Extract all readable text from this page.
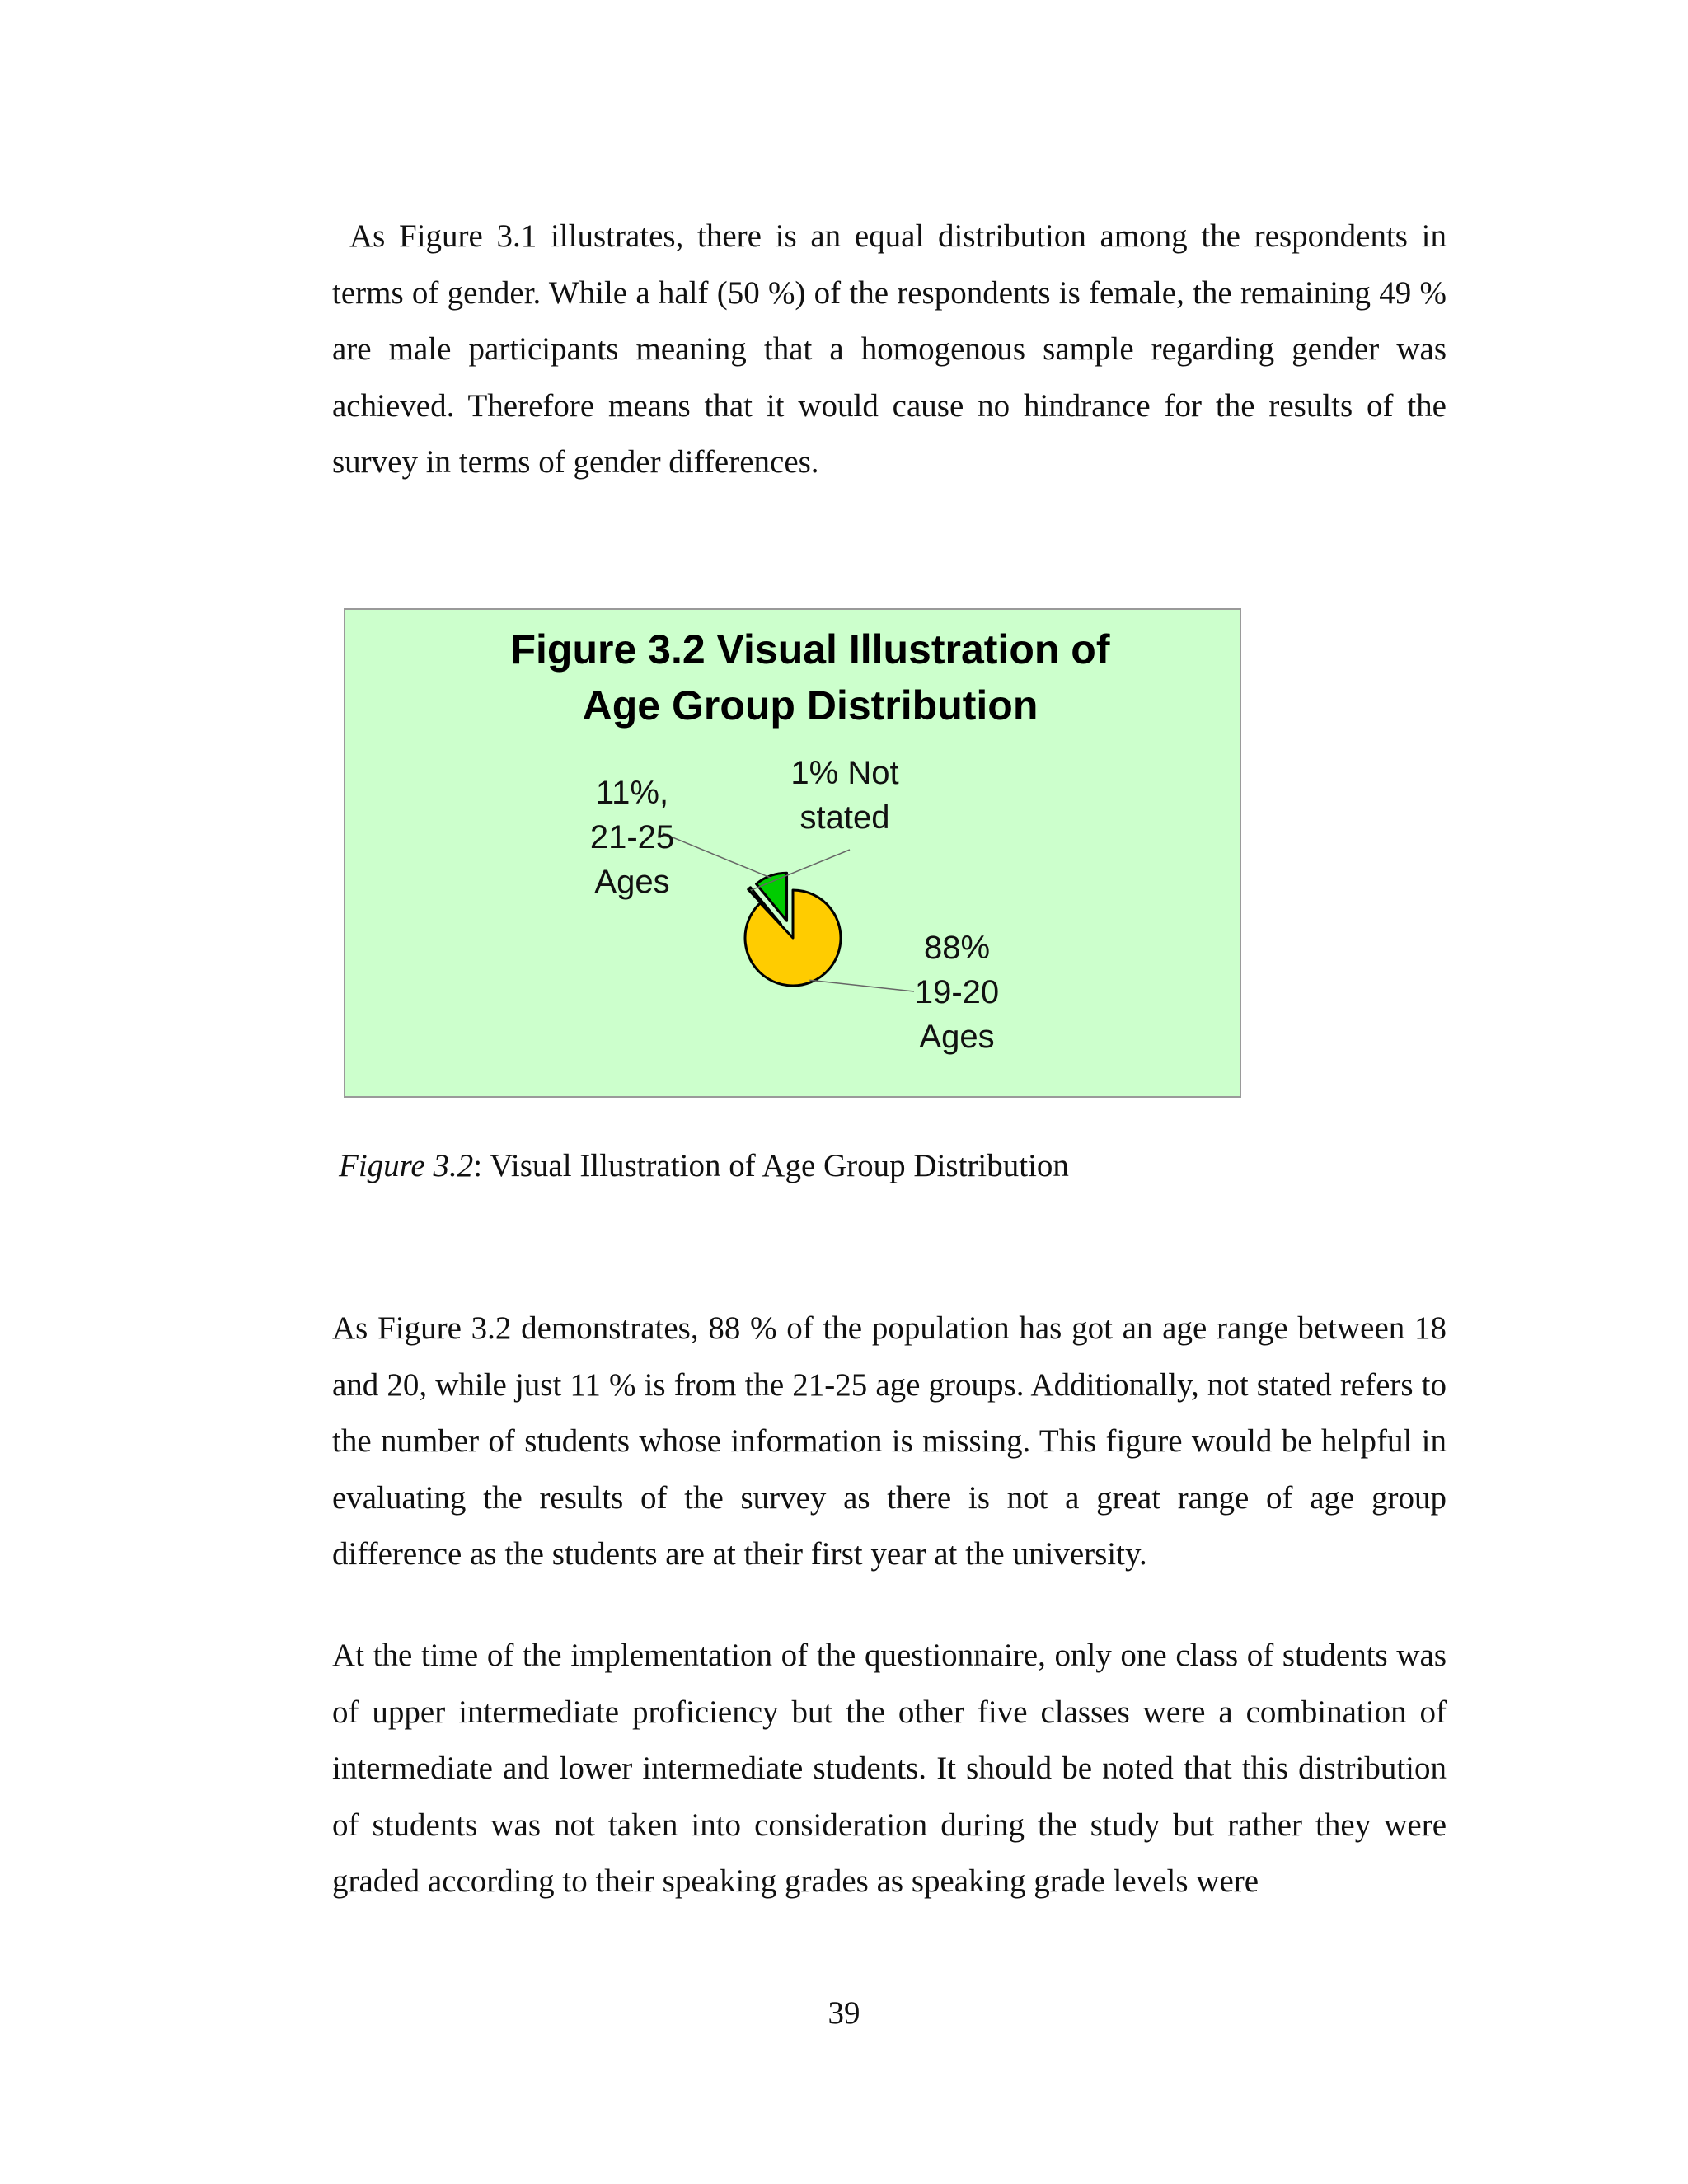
As Figure 3.1 illustrates, there is an equal distribution among the respondents in terms of gender. While a half (50 %) of the respondents is female, the remaining 49 % are male participants meaning that a homogenous sample regarding gender was achieved. Therefore means that it would cause no hindrance for the results of the survey in terms of gender differences.

Figure 3.2 Visual Illustration of
Age Group Distribution
11%,
21-25
Ages
1% Not
stated
88%
19-20
Ages
Figure 3.2: Visual Illustration of Age Group Distribution

As Figure 3.2 demonstrates, 88 % of the population has got an age range between 18 and 20, while just 11 % is from the 21-25 age groups. Additionally, not stated refers to the number of students whose information is missing. This figure would be helpful in evaluating the results of the survey as there is not a great range of age group difference as the students are at their first year at the university.

At the time of the implementation of the questionnaire, only one class of students was of upper intermediate proficiency but the other five classes were a combination of intermediate and lower intermediate students. It should be noted that this distribution of students was not taken into consideration during the study but rather they were graded according to their speaking grades as speaking grade levels were

39
